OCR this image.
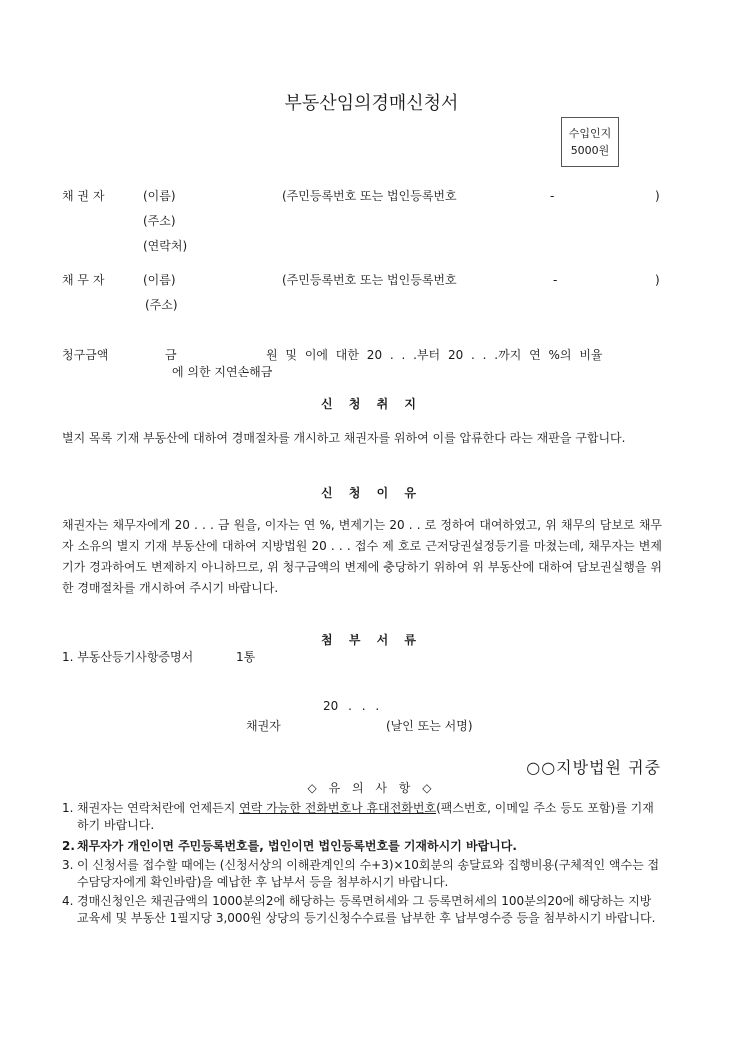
부동산임의경매신청서
수입인지
5000원
채 권 자	(이름)	(주민등록번호 또는 법인등록번호	-	)
(주소)
(연락처)
채 무 자	(이름)	(주민등록번호 또는 법인등록번호	-	)
(주소)
청구금액	금	원 및 이에 대한 20 . . .부터 20 . . .까지 연 %의 비율
에 의한 지연손해금
신 청 취 지
별지 목록 기재 부동산에 대하여 경매절차를 개시하고 채권자를 위하여 이를 압류한다 라는 재판을 구합니다.
신 청 이 유
채권자는 채무자에게 20 . . . 금 원을, 이자는 연 %, 변제기는 20 . . 로 정하여 대여하였고, 위 채무의 담보로 채무자 소유의 별지 기재 부동산에 대하여 지방법원 20 . . . 접수 제 호로 근저당권설정등기를 마쳤는데, 채무자는 변제기가 경과하여도 변제하지 아니하므로, 위 청구금액의 변제에 충당하기 위하여 위 부동산에 대하여 담보권실행을 위한 경매절차를 개시하여 주시기 바랍니다.
첨 부 서 류
1. 부동산등기사항증명서	1통
20 . . .
채권자	(날인 또는 서명)
○○지방법원 귀중
◇ 유 의 사 항 ◇
1. 채권자는 연락처란에 언제든지 연락 가능한 전화번호나 휴대전화번호(팩스번호, 이메일 주소 등도 포함)를 기재하기 바랍니다.
2. 채무자가 개인이면 주민등록번호를, 법인이면 법인등록번호를 기재하시기 바랍니다.
3. 이 신청서를 접수할 때에는 (신청서상의 이해관계인의 수+3)×10회분의 송달료와 집행비용(구체적인 액수는 접수담당자에게 확인바람)을 예납한 후 납부서 등을 첨부하시기 바랍니다.
4. 경매신청인은 채권금액의 1000분의2에 해당하는 등록면허세와 그 등록면허세의 100분의20에 해당하는 지방교육세 및 부동산 1필지당 3,000원 상당의 등기신청수수료를 납부한 후 납부영수증 등을 첨부하시기 바랍니다.
